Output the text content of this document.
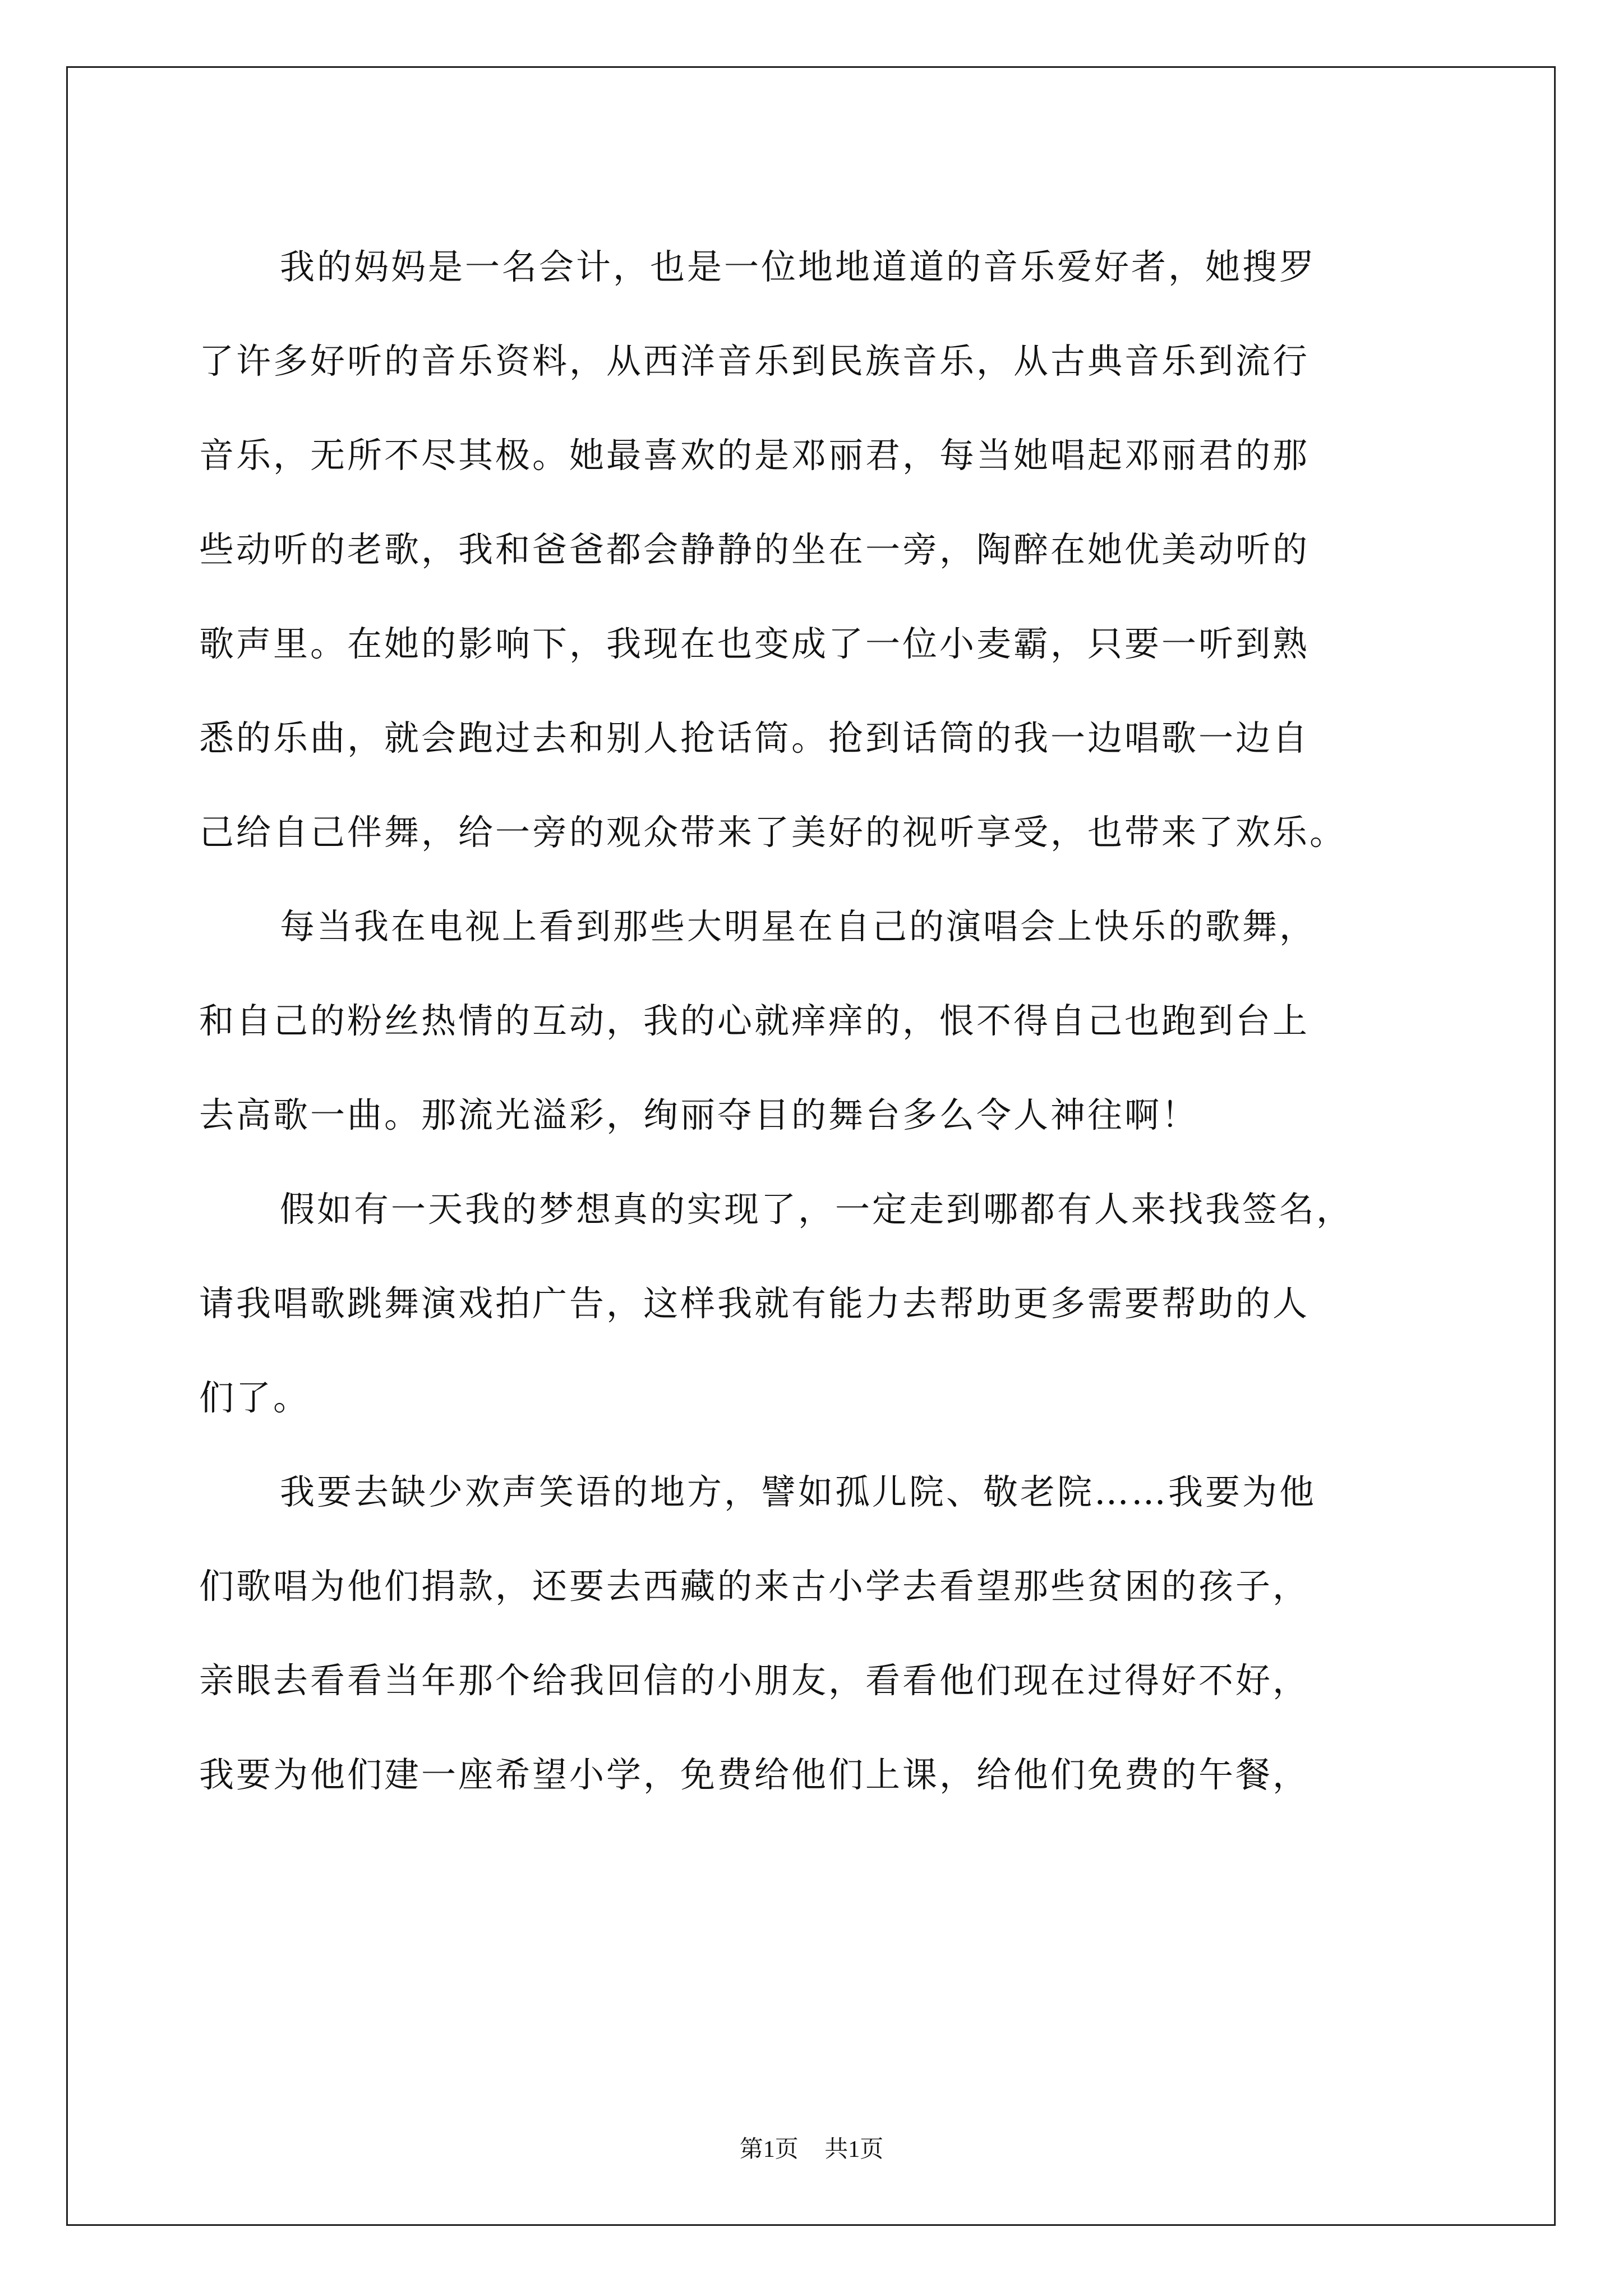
我的妈妈是一名会计，也是一位地地道道的音乐爱好者，她搜罗
了许多好听的音乐资料，从西洋音乐到民族音乐，从古典音乐到流行
音乐，无所不尽其极。她最喜欢的是邓丽君，每当她唱起邓丽君的那
些动听的老歌，我和爸爸都会静静的坐在一旁，陶醉在她优美动听的
歌声里。在她的影响下，我现在也变成了一位小麦霸，只要一听到熟
悉的乐曲，就会跑过去和别人抢话筒。抢到话筒的我一边唱歌一边自
己给自己伴舞，给一旁的观众带来了美好的视听享受，也带来了欢乐。

每当我在电视上看到那些大明星在自己的演唱会上快乐的歌舞，
和自己的粉丝热情的互动，我的心就痒痒的，恨不得自己也跑到台上
去高歌一曲。那流光溢彩，绚丽夺目的舞台多么令人神往啊！

假如有一天我的梦想真的实现了，一定走到哪都有人来找我签名，
请我唱歌跳舞演戏拍广告，这样我就有能力去帮助更多需要帮助的人
们了。

我要去缺少欢声笑语的地方，譬如孤儿院、敬老院……我要为他
们歌唱为他们捐款，还要去西藏的来古小学去看望那些贫困的孩子，
亲眼去看看当年那个给我回信的小朋友，看看他们现在过得好不好，
我要为他们建一座希望小学，免费给他们上课，给他们免费的午餐，

第1页 共1页
